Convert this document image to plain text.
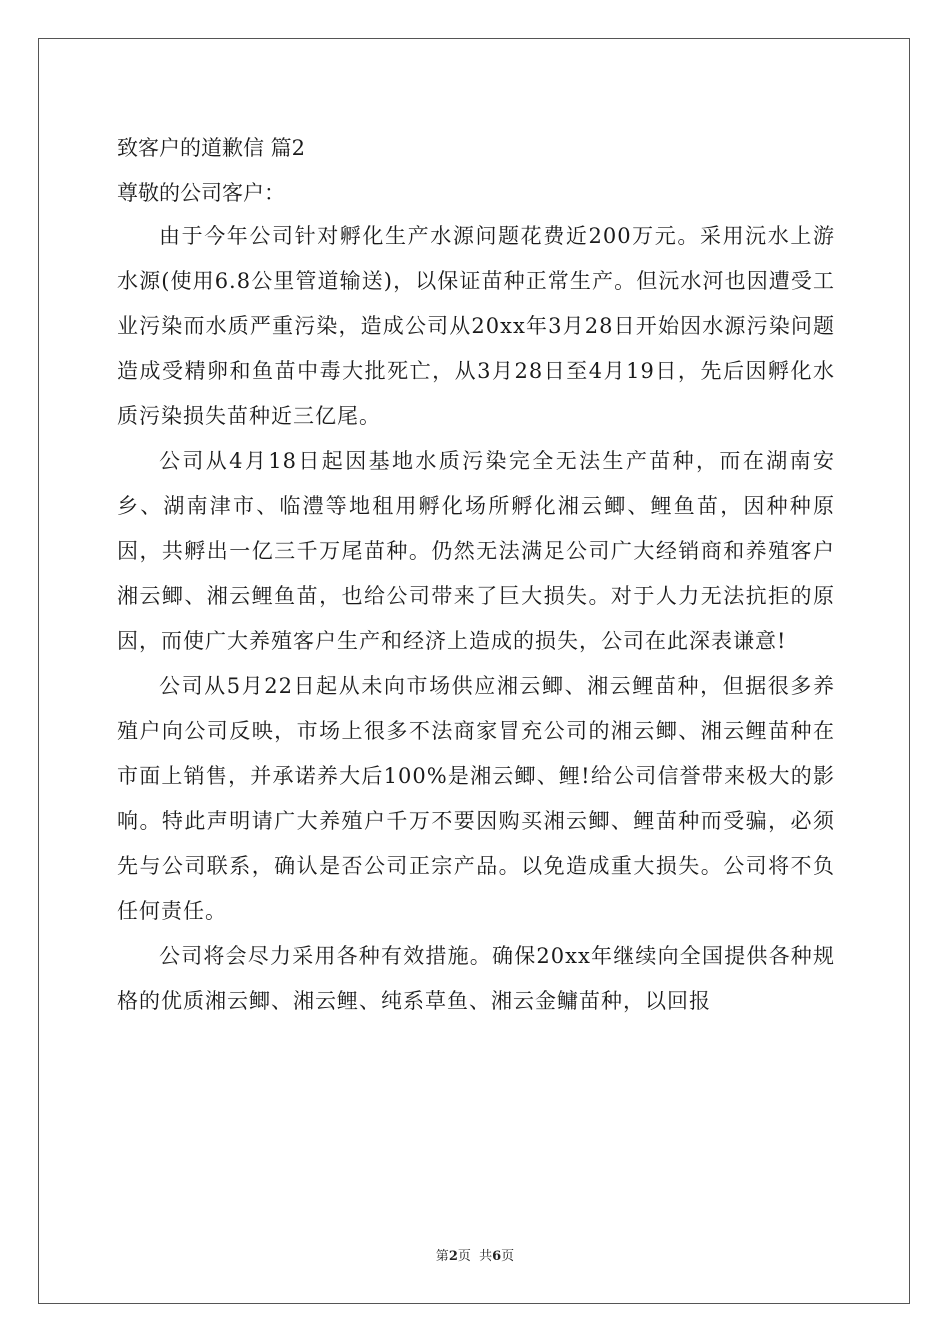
致客户的道歉信 篇2
尊敬的公司客户：

由于今年公司针对孵化生产水源问题花费近200万元。采用沅水上游水源(使用6.8公里管道输送)，以保证苗种正常生产。但沅水河也因遭受工业污染而水质严重污染，造成公司从20xx年3月28日开始因水源污染问题造成受精卵和鱼苗中毒大批死亡，从3月28日至4月19日，先后因孵化水质污染损失苗种近三亿尾。

公司从4月18日起因基地水质污染完全无法生产苗种，而在湖南安乡、湖南津市、临澧等地租用孵化场所孵化湘云鲫、鲤鱼苗，因种种原因，共孵出一亿三千万尾苗种。仍然无法满足公司广大经销商和养殖客户湘云鲫、湘云鲤鱼苗，也给公司带来了巨大损失。对于人力无法抗拒的原因，而使广大养殖客户生产和经济上造成的损失，公司在此深表谦意!

公司从5月22日起从未向市场供应湘云鲫、湘云鲤苗种，但据很多养殖户向公司反映，市场上很多不法商家冒充公司的湘云鲫、湘云鲤苗种在市面上销售，并承诺养大后100%是湘云鲫、鲤!给公司信誉带来极大的影响。特此声明请广大养殖户千万不要因购买湘云鲫、鲤苗种而受骗，必须先与公司联系，确认是否公司正宗产品。以免造成重大损失。公司将不负任何责任。

公司将会尽力采用各种有效措施。确保20xx年继续向全国提供各种规格的优质湘云鲫、湘云鲤、纯系草鱼、湘云金鳙苗种，以回报

第2页  共6页
